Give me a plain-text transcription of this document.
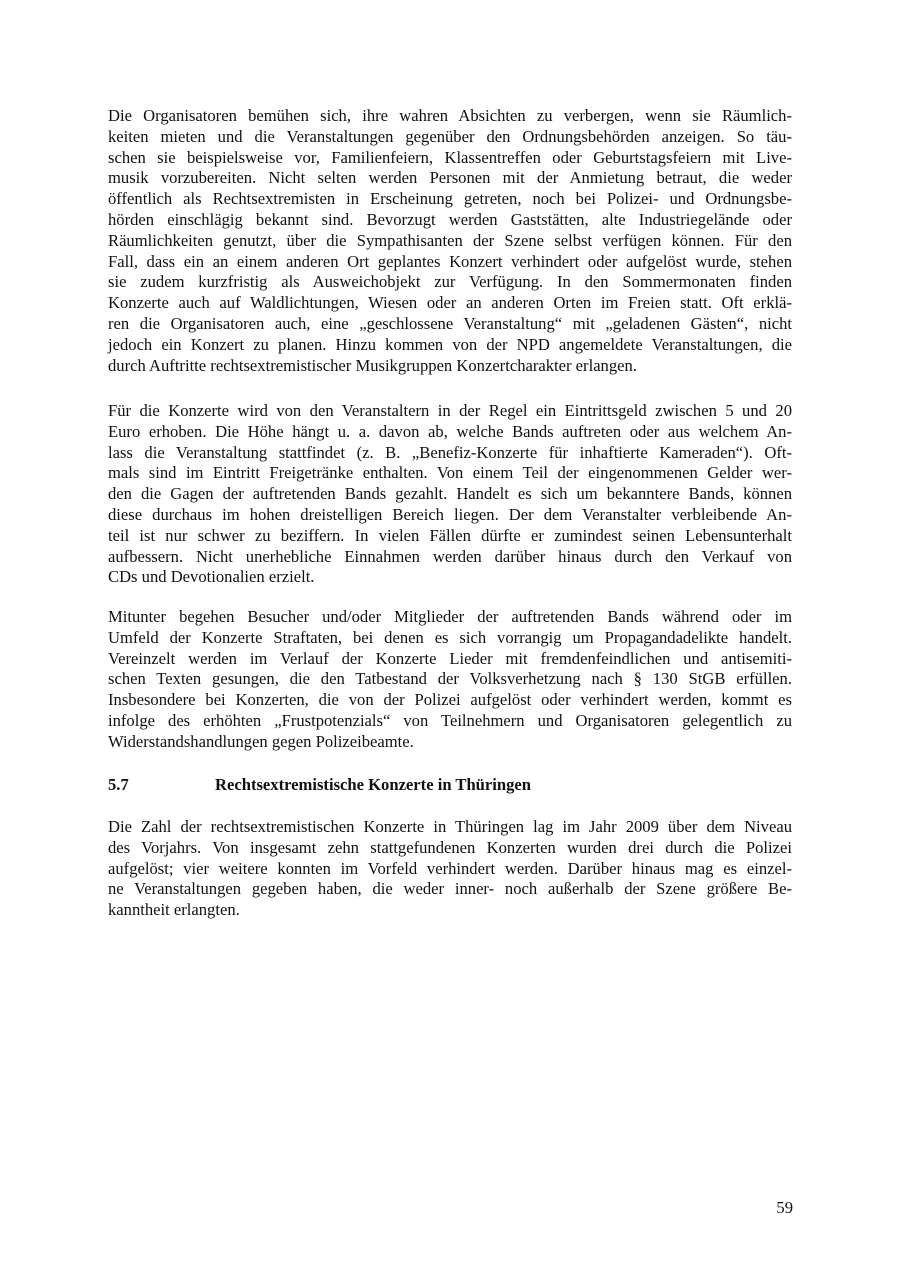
Die Organisatoren bemühen sich, ihre wahren Absichten zu verbergen, wenn sie Räumlich-
keiten mieten und die Veranstaltungen gegenüber den Ordnungsbehörden anzeigen. So täu-
schen sie beispielsweise vor, Familienfeiern, Klassentreffen oder Geburtstagsfeiern mit Live-
musik vorzubereiten. Nicht selten werden Personen mit der Anmietung betraut, die weder
öffentlich als Rechtsextremisten in Erscheinung getreten, noch bei Polizei- und Ordnungsbe-
hörden einschlägig bekannt sind. Bevorzugt werden Gaststätten, alte Industriegelände oder
Räumlichkeiten genutzt, über die Sympathisanten der Szene selbst verfügen können. Für den
Fall, dass ein an einem anderen Ort geplantes Konzert verhindert oder aufgelöst wurde, stehen
sie zudem kurzfristig als Ausweichobjekt zur Verfügung. In den Sommermonaten finden
Konzerte auch auf Waldlichtungen, Wiesen oder an anderen Orten im Freien statt. Oft erklä-
ren die Organisatoren auch, eine „geschlossene Veranstaltung“ mit „geladenen Gästen“, nicht
jedoch ein Konzert zu planen. Hinzu kommen von der NPD angemeldete Veranstaltungen, die
durch Auftritte rechtsextremistischer Musikgruppen Konzertcharakter erlangen.
Für die Konzerte wird von den Veranstaltern in der Regel ein Eintrittsgeld zwischen 5 und 20
Euro erhoben. Die Höhe hängt u. a. davon ab, welche Bands auftreten oder aus welchem An-
lass die Veranstaltung stattfindet (z. B. „Benefiz-Konzerte für inhaftierte Kameraden“). Oft-
mals sind im Eintritt Freigetränke enthalten. Von einem Teil der eingenommenen Gelder wer-
den die Gagen der auftretenden Bands gezahlt. Handelt es sich um bekanntere Bands, können
diese durchaus im hohen dreistelligen Bereich liegen. Der dem Veranstalter verbleibende An-
teil ist nur schwer zu beziffern. In vielen Fällen dürfte er zumindest seinen Lebensunterhalt
aufbessern. Nicht unerhebliche Einnahmen werden darüber hinaus durch den Verkauf von
CDs und Devotionalien erzielt.
Mitunter begehen Besucher und/oder Mitglieder der auftretenden Bands während oder im
Umfeld der Konzerte Straftaten, bei denen es sich vorrangig um Propagandadelikte handelt.
Vereinzelt werden im Verlauf der Konzerte Lieder mit fremdenfeindlichen und antisemiti-
schen Texten gesungen, die den Tatbestand der Volksverhetzung nach § 130 StGB erfüllen.
Insbesondere bei Konzerten, die von der Polizei aufgelöst oder verhindert werden, kommt es
infolge des erhöhten „Frustpotenzials“ von Teilnehmern und Organisatoren gelegentlich zu
Widerstandshandlungen gegen Polizeibeamte.
5.7	Rechtsextremistische Konzerte in Thüringen
Die Zahl der rechtsextremistischen Konzerte in Thüringen lag im Jahr 2009 über dem Niveau
des Vorjahrs. Von insgesamt zehn stattgefundenen Konzerten wurden drei durch die Polizei
aufgelöst; vier weitere konnten im Vorfeld verhindert werden. Darüber hinaus mag es einzel-
ne Veranstaltungen gegeben haben, die weder inner- noch außerhalb der Szene größere Be-
kanntheit erlangten.
59
